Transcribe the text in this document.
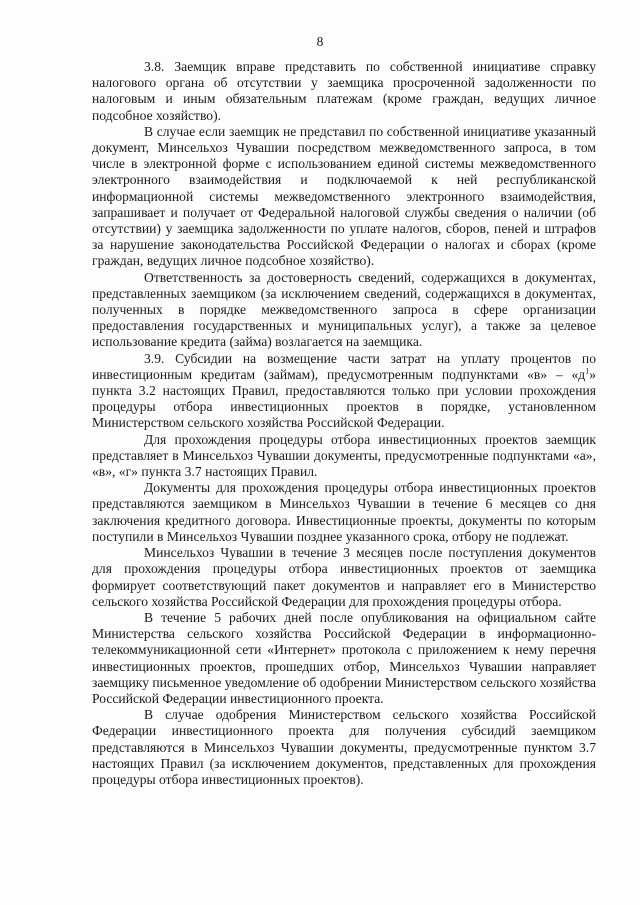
8

3.8. Заемщик вправе представить по собственной инициативе справку налогового органа об отсутствии у заемщика просроченной задолженности по налоговым и иным обязательным платежам (кроме граждан, ведущих личное подсобное хозяйство).

В случае если заемщик не представил по собственной инициативе указанный документ, Минсельхоз Чувашии посредством межведомственного запроса, в том числе в электронной форме с использованием единой системы межведомственного электронного взаимодействия и подключаемой к ней республиканской информационной системы межведомственного электронного взаимодействия, запрашивает и получает от Федеральной налоговой службы сведения о наличии (об отсутствии) у заемщика задолженности по уплате налогов, сборов, пеней и штрафов за нарушение законодательства Российской Федерации о налогах и сборах (кроме граждан, ведущих личное подсобное хозяйство).

Ответственность за достоверность сведений, содержащихся в документах, представленных заемщиком (за исключением сведений, содержащихся в документах, полученных в порядке межведомственного запроса в сфере организации предоставления государственных и муниципальных услуг), а также за целевое использование кредита (займа) возлагается на заемщика.

3.9. Субсидии на возмещение части затрат на уплату процентов по инвестиционным кредитам (займам), предусмотренным подпунктами «в» – «$д^1$» пункта 3.2 настоящих Правил, предоставляются только при условии прохождения процедуры отбора инвестиционных проектов в порядке, установленном Министерством сельского хозяйства Российской Федерации.

Для прохождения процедуры отбора инвестиционных проектов заемщик представляет в Минсельхоз Чувашии документы, предусмотренные подпунктами «а», «в», «г» пункта 3.7 настоящих Правил.

Документы для прохождения процедуры отбора инвестиционных проектов представляются заемщиком в Минсельхоз Чувашии в течение 6 месяцев со дня заключения кредитного договора. Инвестиционные проекты, документы по которым поступили в Минсельхоз Чувашии позднее указанного срока, отбору не подлежат.

Минсельхоз Чувашии в течение 3 месяцев после поступления документов для прохождения процедуры отбора инвестиционных проектов от заемщика формирует соответствующий пакет документов и направляет его в Министерство сельского хозяйства Российской Федерации для прохождения процедуры отбора.

В течение 5 рабочих дней после опубликования на официальном сайте Министерства сельского хозяйства Российской Федерации в информационно-телекоммуникационной сети «Интернет» протокола с приложением к нему перечня инвестиционных проектов, прошедших отбор, Минсельхоз Чувашии направляет заемщику письменное уведомление об одобрении Министерством сельского хозяйства Российской Федерации инвестиционного проекта.

В случае одобрения Министерством сельского хозяйства Российской Федерации инвестиционного проекта для получения субсидий заемщиком представляются в Минсельхоз Чувашии документы, предусмотренные пунктом 3.7 настоящих Правил (за исключением документов, представленных для прохождения процедуры отбора инвестиционных проектов).
